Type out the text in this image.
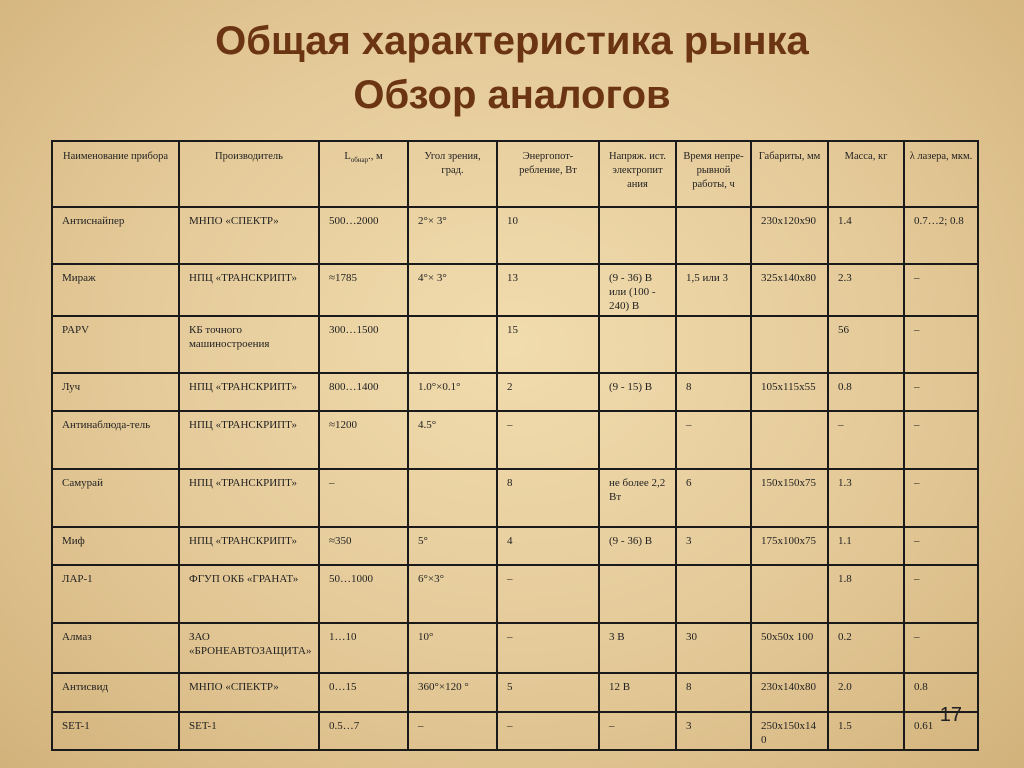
Общая характеристика рынка
Обзор аналогов
Наименование прибора	Производитель	$L_{обнар}$., м	Угол зрения, град.	Энергопот-ребление, Вт	Напряж. ист. электропит ания	Время непре-рывной работы, ч	Габариты, мм	Масса, кг	λ лазера, мкм.
Антиснайпер	МНПО «СПЕКТР»	500…2000	2°× 3°	10			230x120x90	1.4	0.7…2; 0.8
Мираж	НПЦ «ТРАНСКРИПТ»	≈1785	4°× 3°	13	(9 - 36) В или (100 - 240) В	1,5 или 3	325x140x80	2.3	–
PAPV	КБ точного машиностроения	300…1500		15				56	–
Луч	НПЦ «ТРАНСКРИПТ»	800…1400	1.0°×0.1°	2	(9 - 15) В	8	105x115x55	0.8	–
Антинаблюда-тель	НПЦ «ТРАНСКРИПТ»	≈1200	4.5°	–		–		–	–
Самурай	НПЦ «ТРАНСКРИПТ»	–		8	не более 2,2 Вт	6	150x150x75	1.3	–
Миф	НПЦ «ТРАНСКРИПТ»	≈350	5°	4	(9 - 36) В	3	175x100x75	1.1	–
ЛАР-1	ФГУП ОКБ «ГРАНАТ»	50…1000	6°×3°	–				1.8	–
Алмаз	ЗАО «БРОНЕАВТОЗАЩИТА»	1…10	10°	–	3 В	30	50x50x 100	0.2	–
Антисвид	МНПО «СПЕКТР»	0…15	360°×120 °	5	12 В	8	230x140x80	2.0	0.8
SET-1	SET-1	0.5…7	–	–	–	3	250x150x140	1.5	0.61 17
